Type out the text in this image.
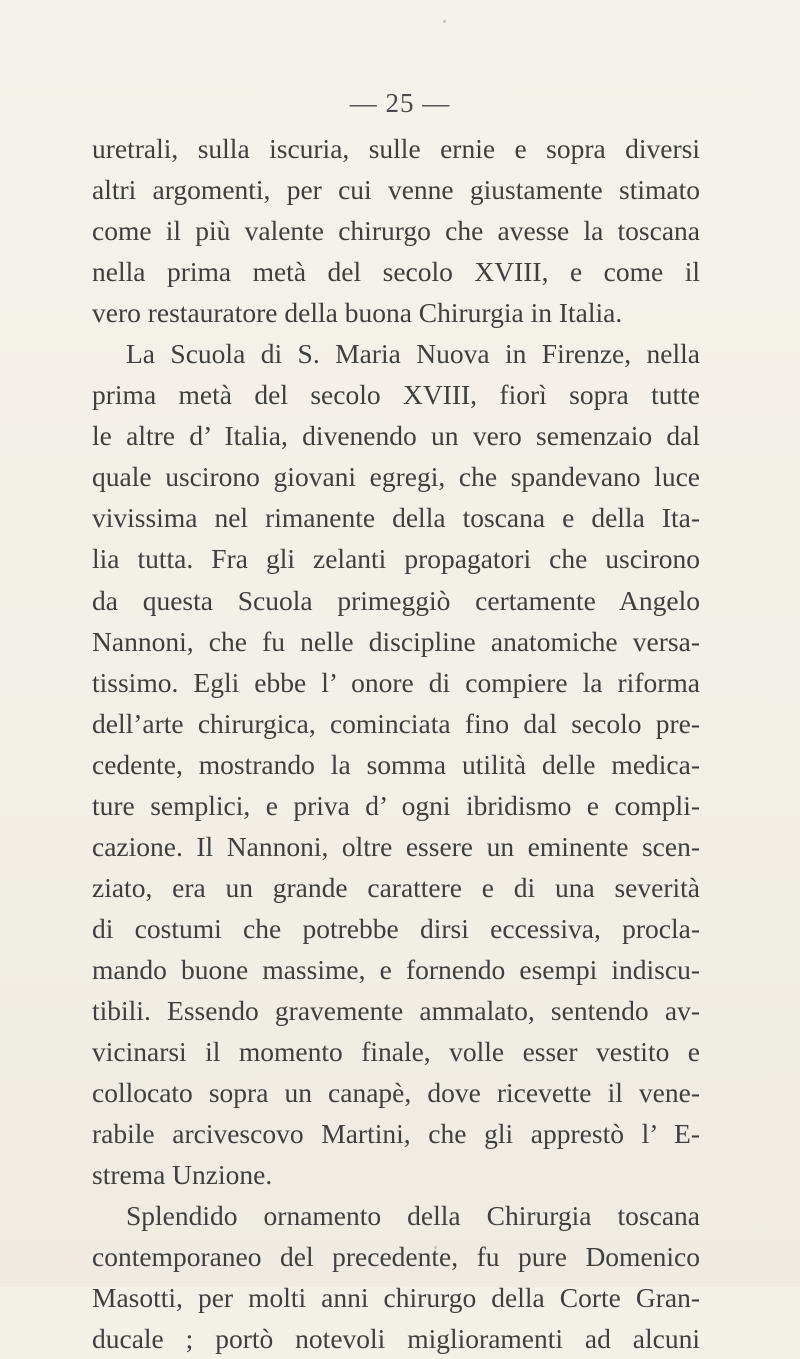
— 25 —
uretrali, sulla iscuria, sulle ernie e sopra diversi
altri argomenti, per cui venne giustamente stimato
come il più valente chirurgo che avesse la toscana
nella prima metà del secolo XVIII, e come il
vero restauratore della buona Chirurgia in Italia.
La Scuola di S. Maria Nuova in Firenze, nella
prima metà del secolo XVIII, fiorì sopra tutte
le altre d’ Italia, divenendo un vero semenzaio dal
quale uscirono giovani egregi, che spandevano luce
vivissima nel rimanente della toscana e della Ita-
lia tutta. Fra gli zelanti propagatori che uscirono
da questa Scuola primeggiò certamente Angelo
Nannoni, che fu nelle discipline anatomiche versa-
tissimo. Egli ebbe l’ onore di compiere la riforma
dell’arte chirurgica, cominciata fino dal secolo pre-
cedente, mostrando la somma utilità delle medica-
ture semplici, e priva d’ ogni ibridismo e compli-
cazione. Il Nannoni, oltre essere un eminente scen-
ziato, era un grande carattere e di una severità
di costumi che potrebbe dirsi eccessiva, procla-
mando buone massime, e fornendo esempi indiscu-
tibili. Essendo gravemente ammalato, sentendo av-
vicinarsi il momento finale, volle esser vestito e
collocato sopra un canapè, dove ricevette il vene-
rabile arcivescovo Martini, che gli apprestò l’ E-
strema Unzione.
Splendido ornamento della Chirurgia toscana
contemporaneo del precedente, fu pure Domenico
Masotti, per molti anni chirurgo della Corte Gran-
ducale ; portò notevoli miglioramenti ad alcuni
